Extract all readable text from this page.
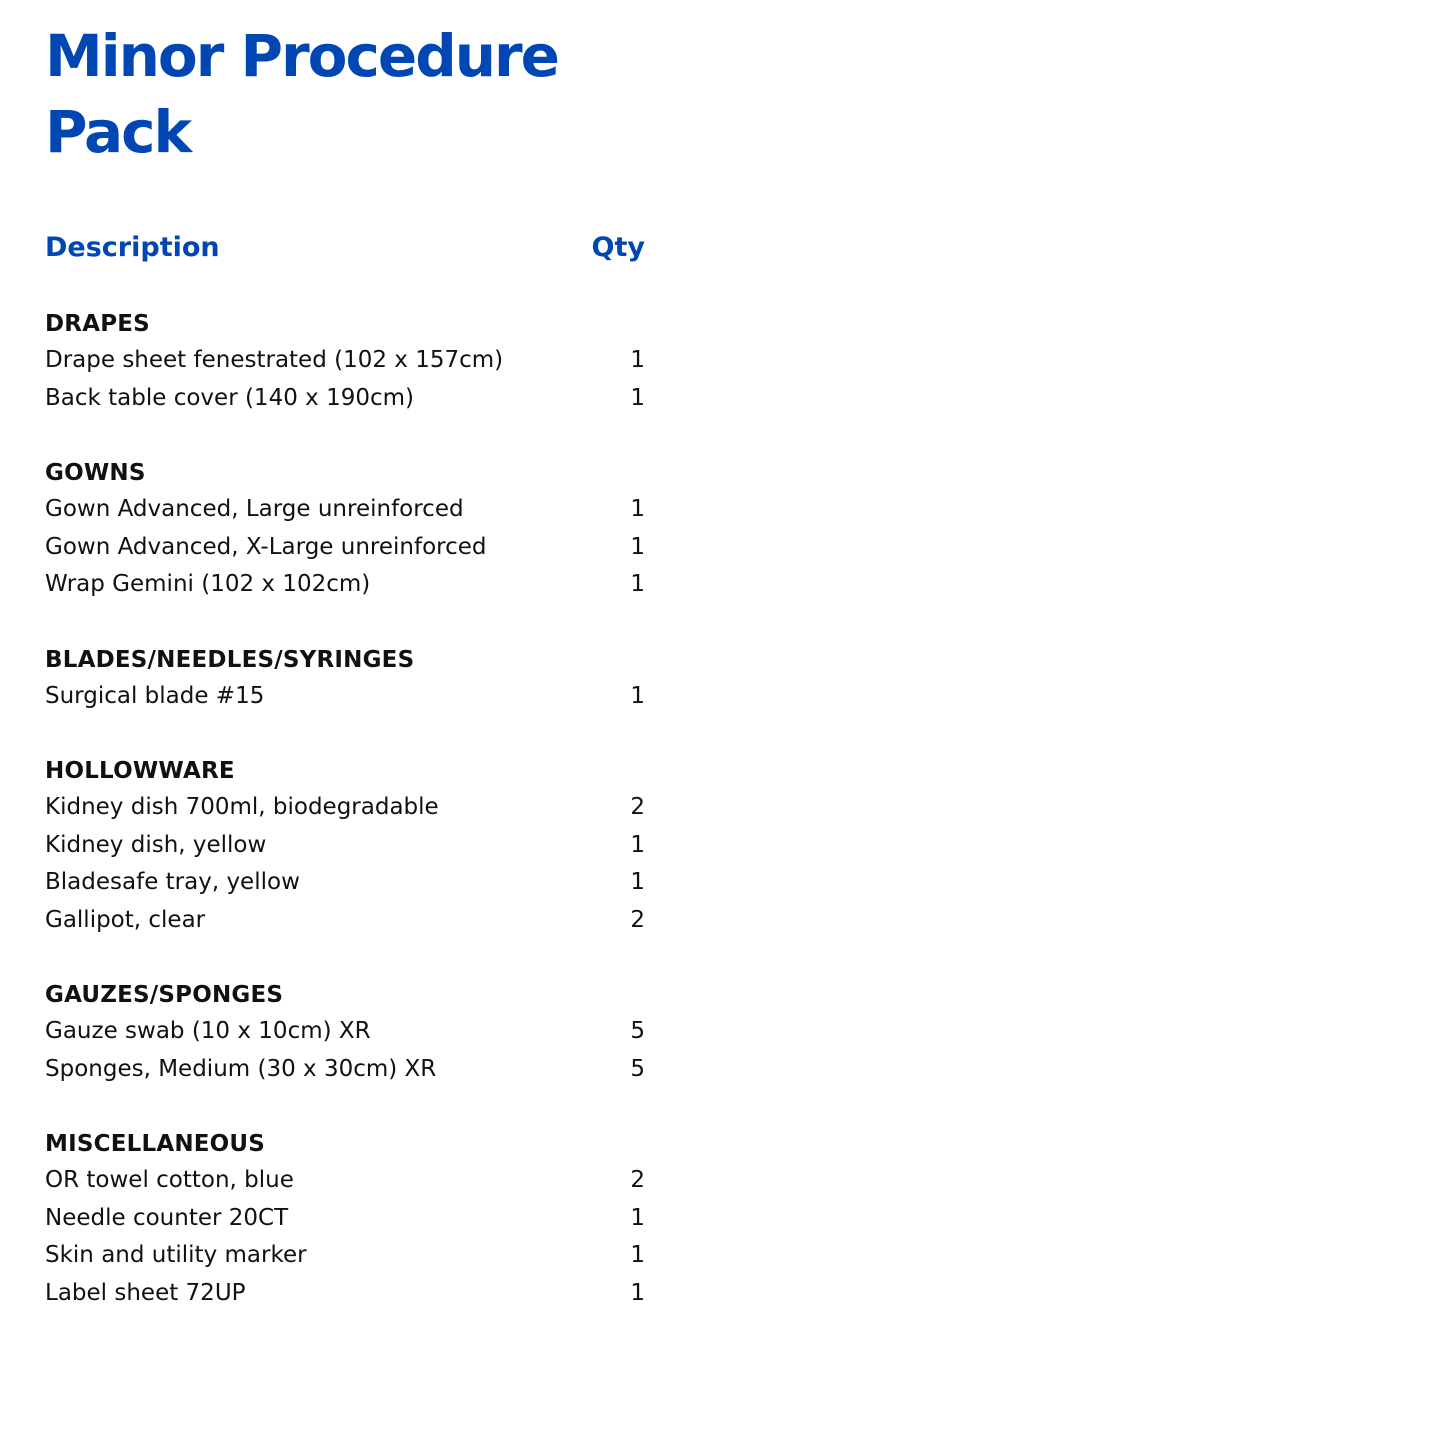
Minor Procedure Pack
Description	Qty
DRAPES
Drape sheet fenestrated (102 x 157cm)	1
Back table cover (140 x 190cm)	1
GOWNS
Gown Advanced, Large unreinforced	1
Gown Advanced, X-Large unreinforced	1
Wrap Gemini (102 x 102cm)	1
BLADES/NEEDLES/SYRINGES
Surgical blade #15	1
HOLLOWWARE
Kidney dish 700ml, biodegradable	2
Kidney dish, yellow	1
Bladesafe tray, yellow	1
Gallipot, clear	2
GAUZES/SPONGES
Gauze swab (10 x 10cm) XR	5
Sponges, Medium (30 x 30cm) XR	5
MISCELLANEOUS
OR towel cotton, blue	2
Needle counter 20CT	1
Skin and utility marker	1
Label sheet 72UP	1
